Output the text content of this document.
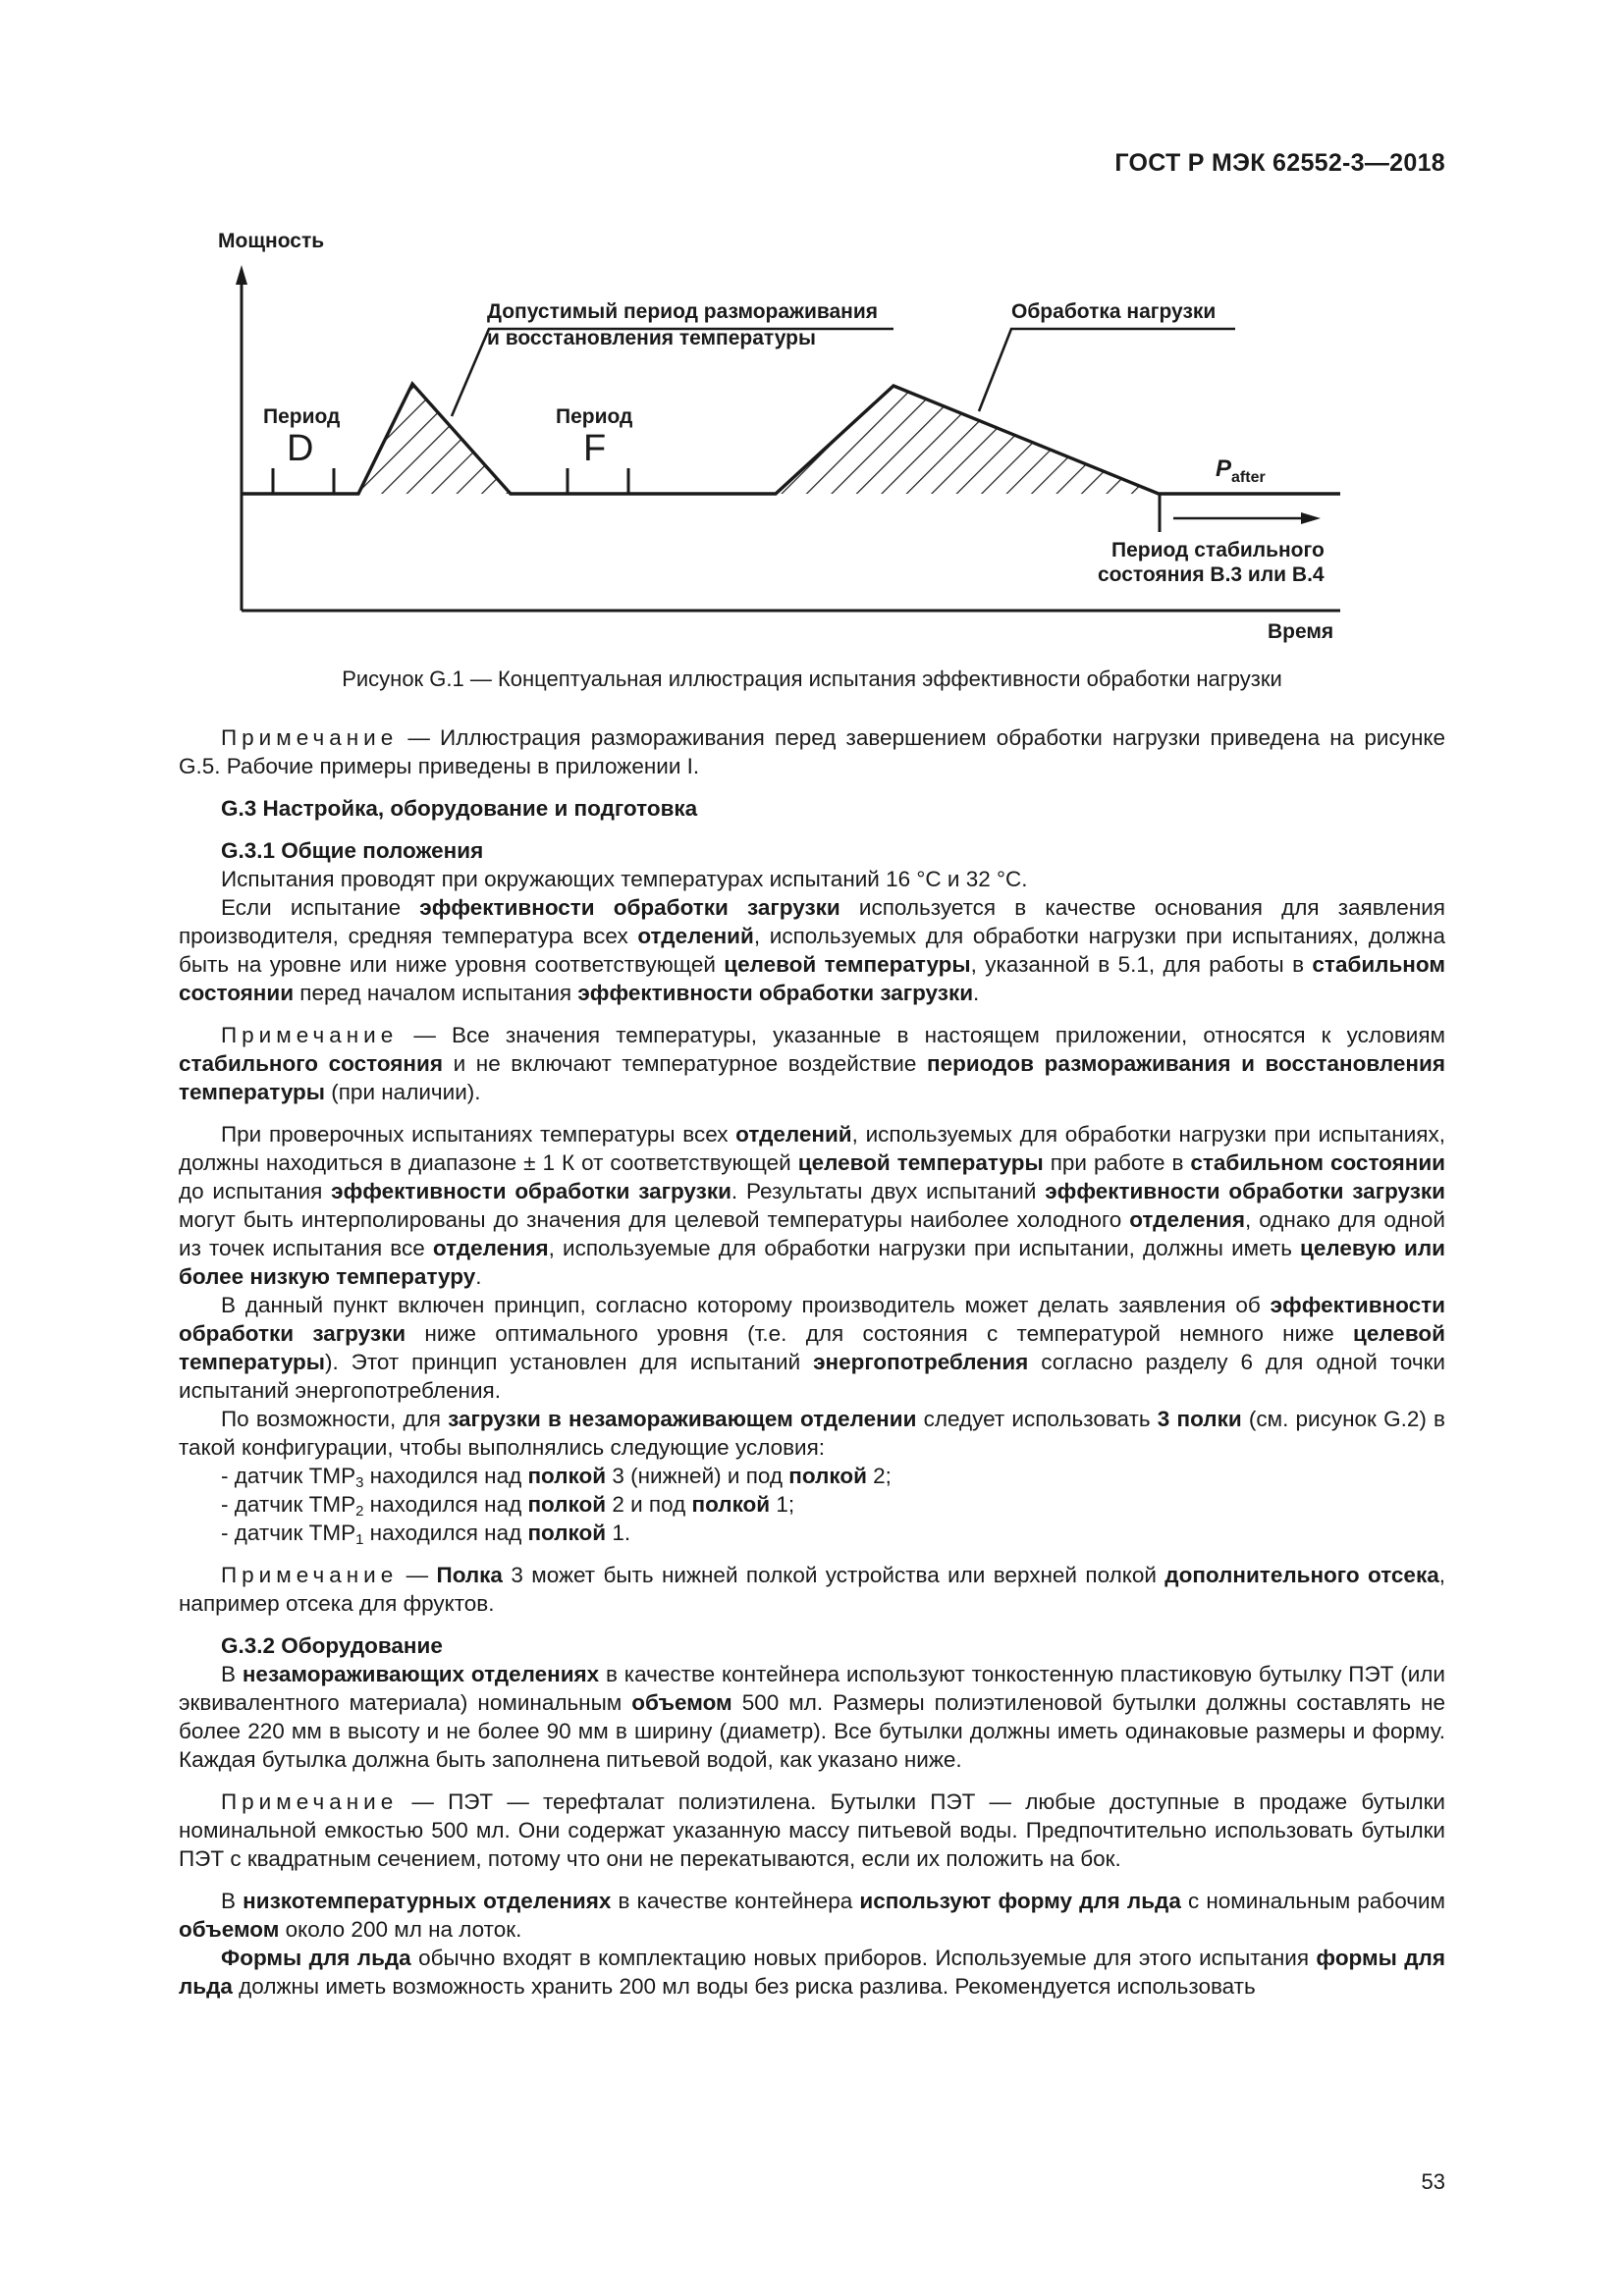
ГОСТ Р МЭК 62552-3—2018
Мощность
Время
Допустимый период размораживания
и восстановления температуры
Обработка нагрузки
Период
D
Период
F	$P_{after}$
Период стабильного
состояния B.3 или B.4
Рисунок G.1 — Концептуальная иллюстрация испытания эффективности обработки нагрузки

Примечание — Иллюстрация размораживания перед завершением обработки нагрузки приведена на рисунке G.5. Рабочие примеры приведены в приложении I.

G.3 Настройка, оборудование и подготовка

G.3.1 Общие положения

Испытания проводят при окружающих температурах испытаний 16 °С и 32 °С.

Если испытание эффективности обработки загрузки используется в качестве основания для заявления производителя, средняя температура всех отделений, используемых для обработки нагрузки при испытаниях, должна быть на уровне или ниже уровня соответствующей целевой температуры, указанной в 5.1, для работы в стабильном состоянии перед началом испытания эффективности обработки загрузки.

Примечание — Все значения температуры, указанные в настоящем приложении, относятся к условиям стабильного состояния и не включают температурное воздействие периодов размораживания и восстановления температуры (при наличии).

При проверочных испытаниях температуры всех отделений, используемых для обработки нагрузки при испытаниях, должны находиться в диапазоне ± 1 К от соответствующей целевой температуры при работе в стабильном состоянии до испытания эффективности обработки загрузки. Результаты двух испытаний эффективности обработки загрузки могут быть интерполированы до значения для целевой температуры наиболее холодного отделения, однако для одной из точек испытания все отделения, используемые для обработки нагрузки при испытании, должны иметь целевую или более низкую температуру.

В данный пункт включен принцип, согласно которому производитель может делать заявления об эффективности обработки загрузки ниже оптимального уровня (т.е. для состояния с температурой немного ниже целевой температуры). Этот принцип установлен для испытаний энергопотребления согласно разделу 6 для одной точки испытаний энергопотребления.

По возможности, для загрузки в незамораживающем отделении следует использовать 3 полки (см. рисунок G.2) в такой конфигурации, чтобы выполнялись следующие условия:

- датчик $ТМР_3$ находился над полкой 3 (нижней) и под полкой 2;

- датчик $ТМР_2$ находился над полкой 2 и под полкой 1;

- датчик $ТМР_1$ находился над полкой 1.

Примечание — Полка 3 может быть нижней полкой устройства или верхней полкой дополнительного отсека, например отсека для фруктов.

G.3.2 Оборудование

В незамораживающих отделениях в качестве контейнера используют тонкостенную пластиковую бутылку ПЭТ (или эквивалентного материала) номинальным объемом 500 мл. Размеры полиэтиленовой бутылки должны составлять не более 220 мм в высоту и не более 90 мм в ширину (диаметр). Все бутылки должны иметь одинаковые размеры и форму. Каждая бутылка должна быть заполнена питьевой водой, как указано ниже.

Примечание — ПЭТ — терефталат полиэтилена. Бутылки ПЭТ — любые доступные в продаже бутылки номинальной емкостью 500 мл. Они содержат указанную массу питьевой воды. Предпочтительно использовать бутылки ПЭТ с квадратным сечением, потому что они не перекатываются, если их положить на бок.

В низкотемпературных отделениях в качестве контейнера используют форму для льда с номинальным рабочим объемом около 200 мл на лоток.

Формы для льда обычно входят в комплектацию новых приборов. Используемые для этого испытания формы для льда должны иметь возможность хранить 200 мл воды без риска разлива. Рекомендуется использовать

53
